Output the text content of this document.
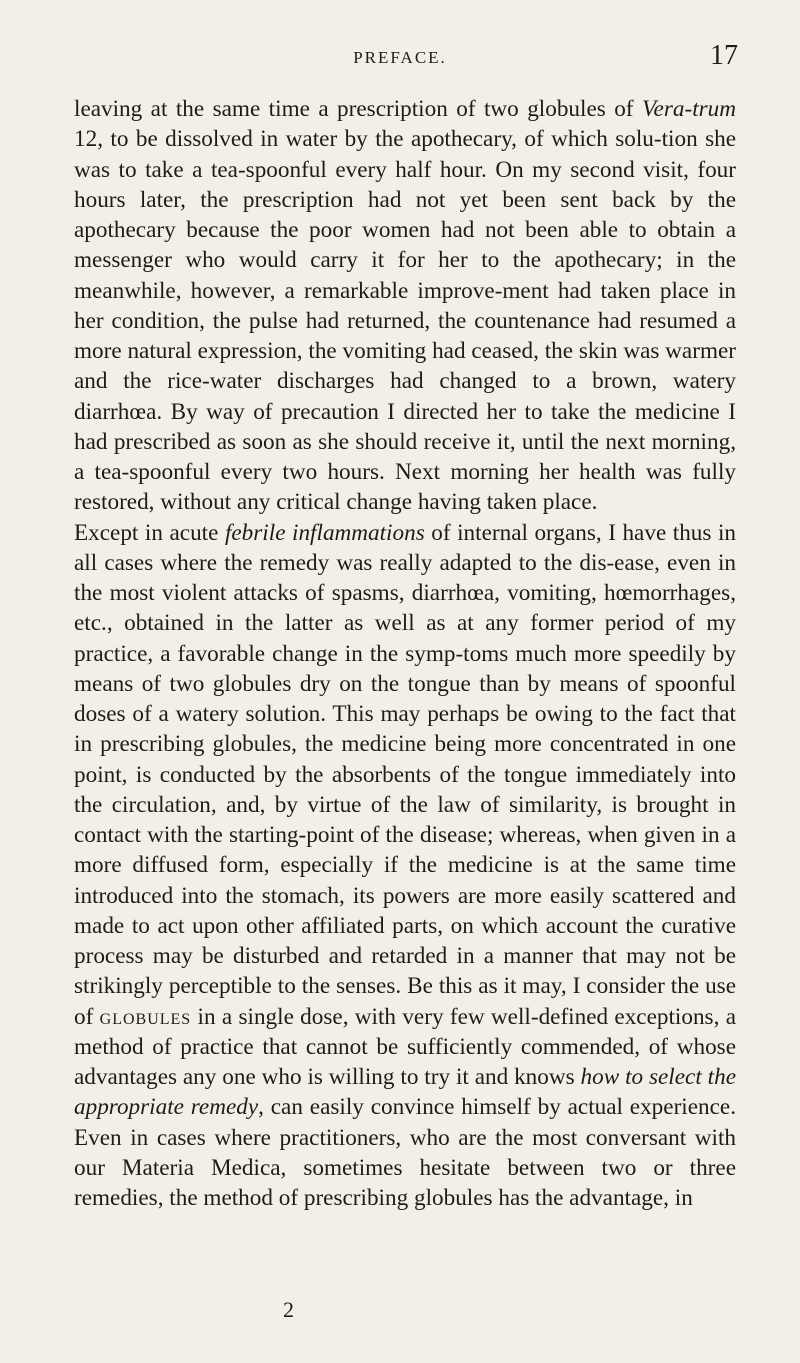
PREFACE.	17

leaving at the same time a prescription of two globules of Vera-trum 12, to be dissolved in water by the apothecary, of which solu-tion she was to take a tea-spoonful every half hour. On my second visit, four hours later, the prescription had not yet been sent back by the apothecary because the poor women had not been able to obtain a messenger who would carry it for her to the apothecary; in the meanwhile, however, a remarkable improve-ment had taken place in her condition, the pulse had returned, the countenance had resumed a more natural expression, the vomiting had ceased, the skin was warmer and the rice-water discharges had changed to a brown, watery diarrhœa. By way of precaution I directed her to take the medicine I had prescribed as soon as she should receive it, until the next morning, a tea-spoonful every two hours. Next morning her health was fully restored, without any critical change having taken place.

Except in acute febrile inflammations of internal organs, I have thus in all cases where the remedy was really adapted to the dis-ease, even in the most violent attacks of spasms, diarrhœa, vomiting, hœmorrhages, etc., obtained in the latter as well as at any former period of my practice, a favorable change in the symp-toms much more speedily by means of two globules dry on the tongue than by means of spoonful doses of a watery solution. This may perhaps be owing to the fact that in prescribing globules, the medicine being more concentrated in one point, is conducted by the absorbents of the tongue immediately into the circulation, and, by virtue of the law of similarity, is brought in contact with the starting-point of the disease; whereas, when given in a more diffused form, especially if the medicine is at the same time introduced into the stomach, its powers are more easily scattered and made to act upon other affiliated parts, on which account the curative process may be disturbed and retarded in a manner that may not be strikingly perceptible to the senses. Be this as it may, I consider the use of globules in a single dose, with very few well-defined exceptions, a method of practice that cannot be sufficiently commended, of whose advantages any one who is willing to try it and knows how to select the appropriate remedy, can easily convince himself by actual experience. Even in cases where practitioners, who are the most conversant with our Materia Medica, sometimes hesitate between two or three remedies, the method of prescribing globules has the advantage, in

2
